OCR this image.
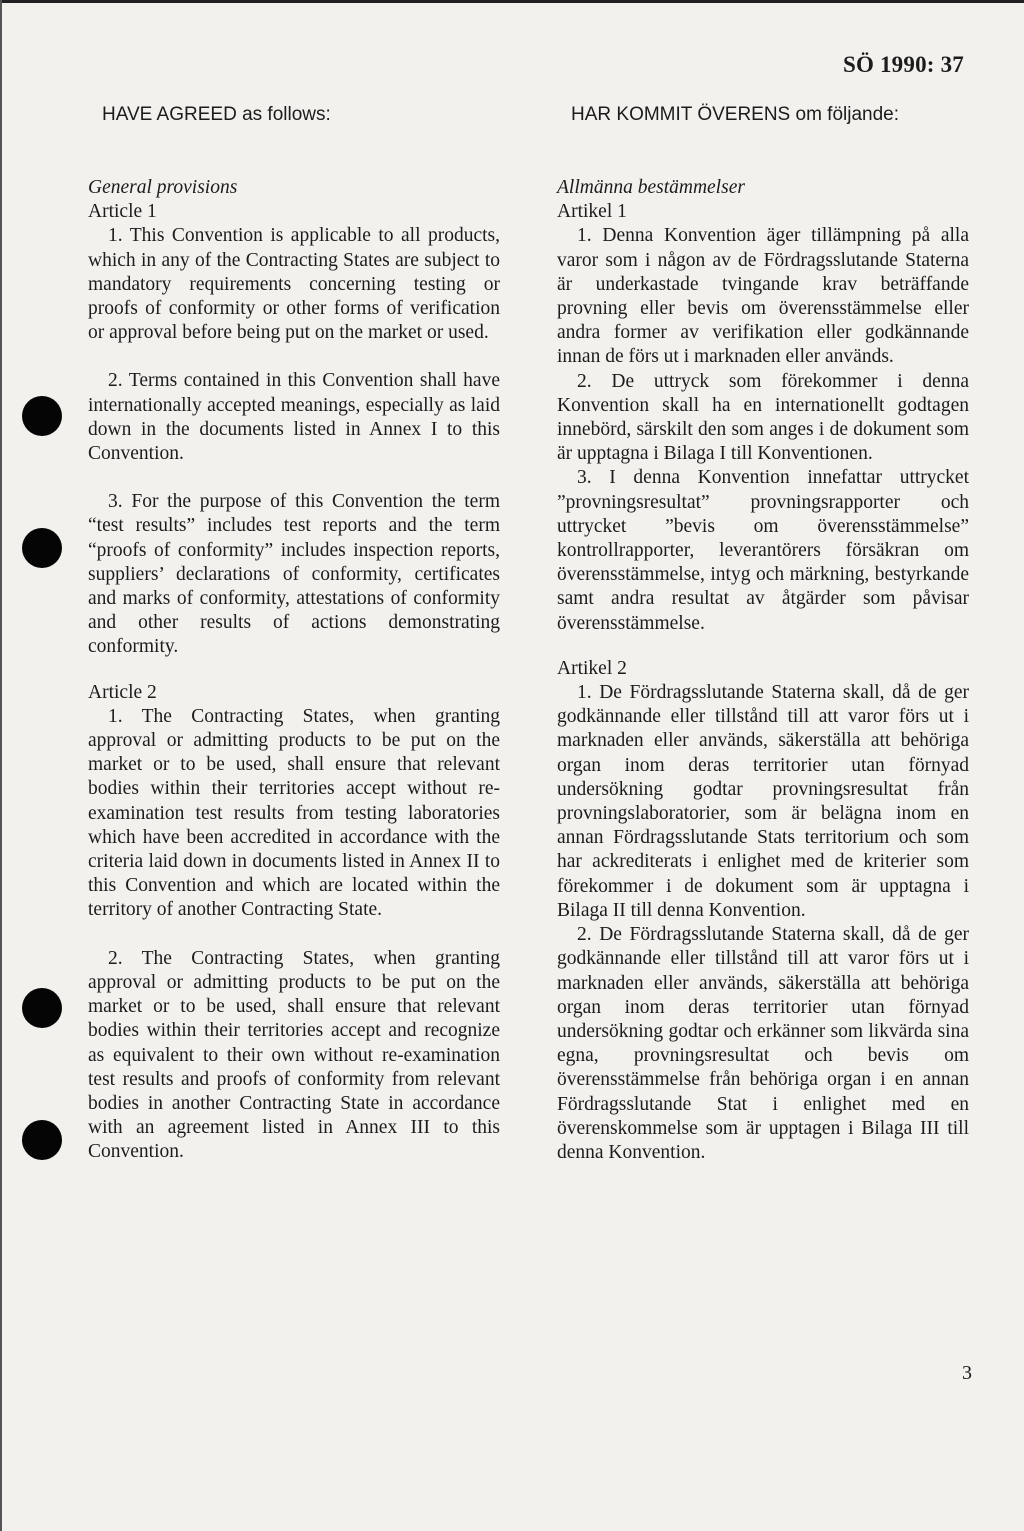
SÖ 1990: 37

HAVE AGREED as follows:

General provisions

Article 1

1. This Convention is applicable to all products, which in any of the Contracting States are subject to mandatory requirements concerning testing or proofs of conformity or other forms of verification or approval before being put on the market or used.

2. Terms contained in this Convention shall have internationally accepted meanings, especially as laid down in the documents listed in Annex I to this Convention.

3. For the purpose of this Convention the term “test results” includes test reports and the term “proofs of conformity” includes inspection reports, suppliers’ declarations of conformity, certificates and marks of conformity, attestations of conformity and other results of actions demonstrating conformity.

Article 2

1. The Contracting States, when granting approval or admitting products to be put on the market or to be used, shall ensure that relevant bodies within their territories accept without re-examination test results from testing laboratories which have been accredited in accordance with the criteria laid down in documents listed in Annex II to this Convention and which are located within the territory of another Contracting State.

2. The Contracting States, when granting approval or admitting products to be put on the market or to be used, shall ensure that relevant bodies within their territories accept and recognize as equivalent to their own without re-examination test results and proofs of conformity from relevant bodies in another Contracting State in accordance with an agreement listed in Annex III to this Convention.

HAR KOMMIT ÖVERENS om följande:

Allmänna bestämmelser

Artikel 1

1. Denna Konvention äger tillämpning på alla varor som i någon av de Fördragsslutande Staterna är underkastade tvingande krav beträffande provning eller bevis om överensstämmelse eller andra former av verifikation eller godkännande innan de förs ut i marknaden eller används.

2. De uttryck som förekommer i denna Konvention skall ha en internationellt godtagen innebörd, särskilt den som anges i de dokument som är upptagna i Bilaga I till Konventionen.

3. I denna Konvention innefattar uttrycket ”provningsresultat” provningsrapporter och uttrycket ”bevis om överensstämmelse” kontrollrapporter, leverantörers försäkran om överensstämmelse, intyg och märkning, bestyrkande samt andra resultat av åtgärder som påvisar överensstämmelse.

Artikel 2

1. De Fördragsslutande Staterna skall, då de ger godkännande eller tillstånd till att varor förs ut i marknaden eller används, säkerställa att behöriga organ inom deras territorier utan förnyad undersökning godtar provningsresultat från provningslaboratorier, som är belägna inom en annan Fördragsslutande Stats territorium och som har ackrediterats i enlighet med de kriterier som förekommer i de dokument som är upptagna i Bilaga II till denna Konvention.

2. De Fördragsslutande Staterna skall, då de ger godkännande eller tillstånd till att varor förs ut i marknaden eller används, säkerställa att behöriga organ inom deras territorier utan förnyad undersökning godtar och erkänner som likvärda sina egna, provningsresultat och bevis om överensstämmelse från behöriga organ i en annan Fördragsslutande Stat i enlighet med en överenskommelse som är upptagen i Bilaga III till denna Konvention.

3
